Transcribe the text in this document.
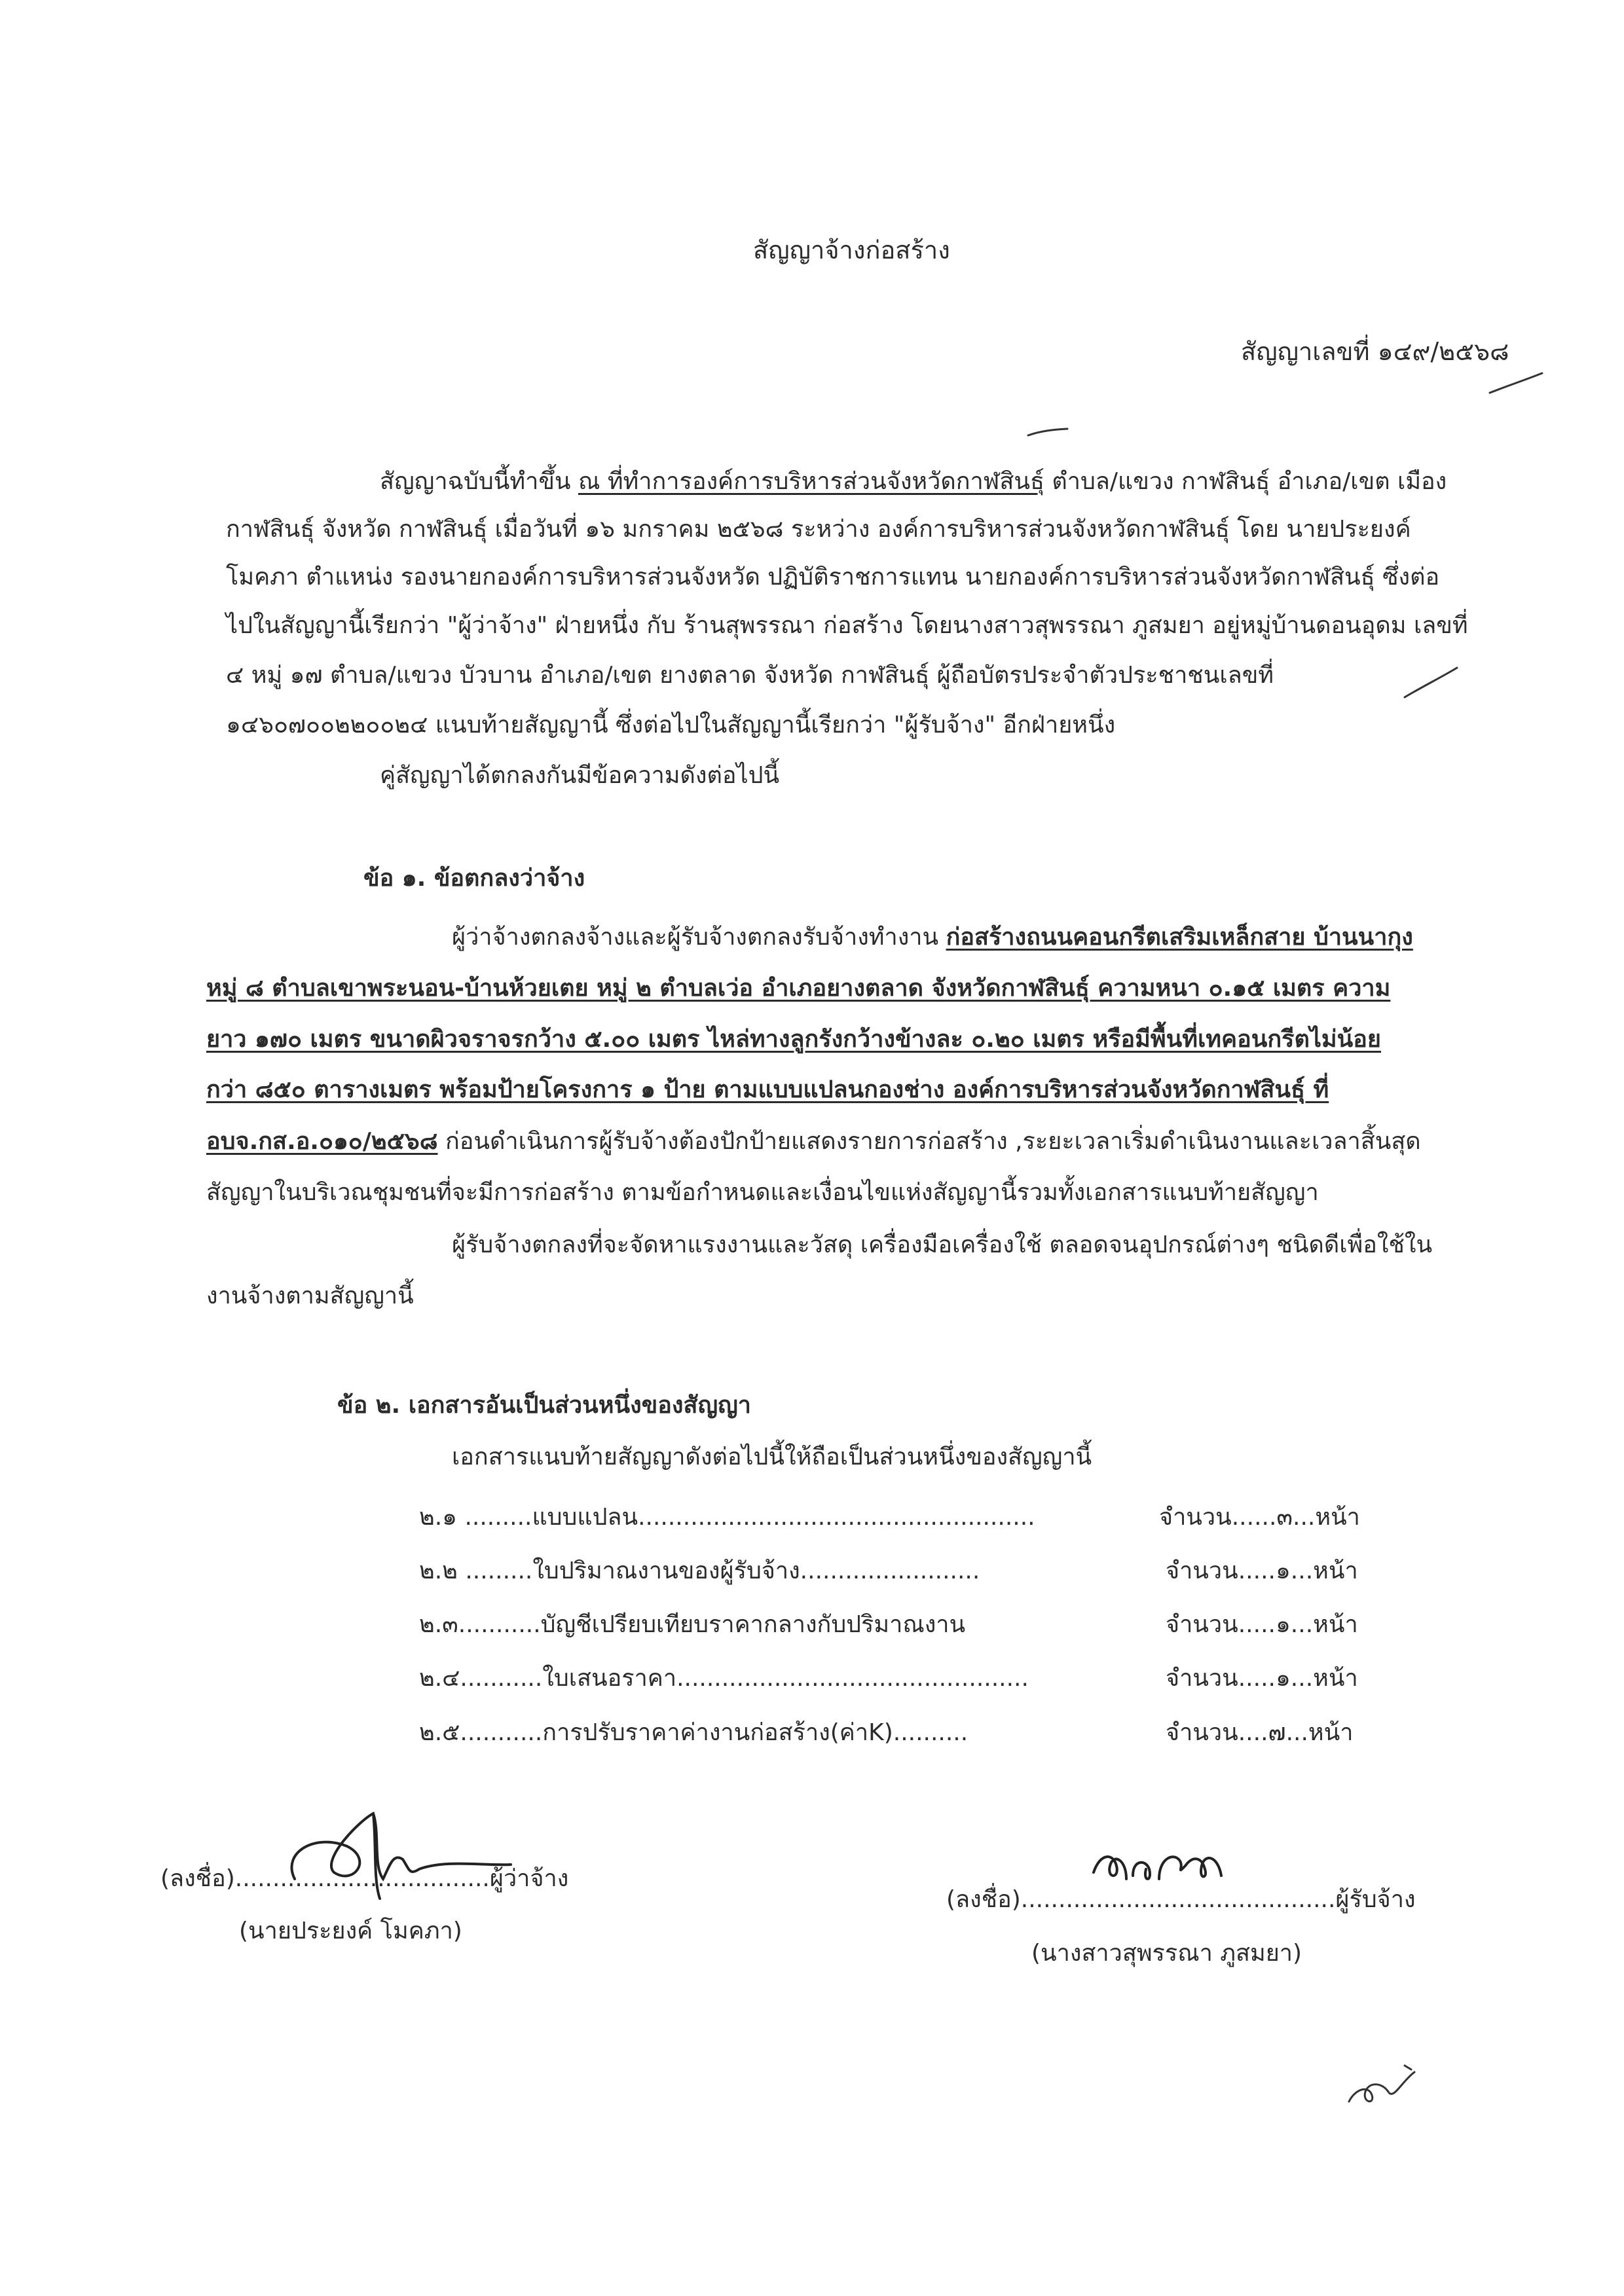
สัญญาจ้างก่อสร้าง
สัญญาเลขที่ ๑๔๙/๒๕๖๘
สัญญาฉบับนี้ทำขึ้น ณ ที่ทำการองค์การบริหารส่วนจังหวัดกาฬสินธุ์ ตำบล/แขวง กาฬสินธุ์ อำเภอ/เขต เมือง
กาฬสินธุ์ จังหวัด กาฬสินธุ์ เมื่อวันที่ ๑๖ มกราคม ๒๕๖๘ ระหว่าง องค์การบริหารส่วนจังหวัดกาฬสินธุ์ โดย นายประยงค์
โมคภา ตำแหน่ง รองนายกองค์การบริหารส่วนจังหวัด ปฏิบัติราชการแทน นายกองค์การบริหารส่วนจังหวัดกาฬสินธุ์ ซึ่งต่อ
ไปในสัญญานี้เรียกว่า "ผู้ว่าจ้าง" ฝ่ายหนึ่ง กับ ร้านสุพรรณา ก่อสร้าง โดยนางสาวสุพรรณา ภูสมยา อยู่หมู่บ้านดอนอุดม เลขที่
๔ หมู่ ๑๗ ตำบล/แขวง บัวบาน อำเภอ/เขต ยางตลาด จังหวัด กาฬสินธุ์ ผู้ถือบัตรประจำตัวประชาชนเลขที่
๑๔๖๐๗๐๐๒๒๐๐๒๔ แนบท้ายสัญญานี้ ซึ่งต่อไปในสัญญานี้เรียกว่า "ผู้รับจ้าง" อีกฝ่ายหนึ่ง
คู่สัญญาได้ตกลงกันมีข้อความดังต่อไปนี้
ข้อ ๑. ข้อตกลงว่าจ้าง
ผู้ว่าจ้างตกลงจ้างและผู้รับจ้างตกลงรับจ้างทำงาน ก่อสร้างถนนคอนกรีตเสริมเหล็กสาย บ้านนากุง
หมู่ ๘ ตำบลเขาพระนอน-บ้านห้วยเตย หมู่ ๒ ตำบลเว่อ อำเภอยางตลาด จังหวัดกาฬสินธุ์ ความหนา ๐.๑๕ เมตร ความ
ยาว ๑๗๐ เมตร ขนาดผิวจราจรกว้าง ๕.๐๐ เมตร ไหล่ทางลูกรังกว้างข้างละ ๐.๒๐ เมตร หรือมีพื้นที่เทคอนกรีตไม่น้อย
กว่า ๘๕๐ ตารางเมตร พร้อมป้ายโครงการ ๑ ป้าย ตามแบบแปลนกองช่าง องค์การบริหารส่วนจังหวัดกาฬสินธุ์ ที่
อบจ.กส.อ.๐๑๐/๒๕๖๘ ก่อนดำเนินการผู้รับจ้างต้องปักป้ายแสดงรายการก่อสร้าง ,ระยะเวลาเริ่มดำเนินงานและเวลาสิ้นสุด
สัญญาในบริเวณชุมชนที่จะมีการก่อสร้าง ตามข้อกำหนดและเงื่อนไขแห่งสัญญานี้รวมทั้งเอกสารแนบท้ายสัญญา
ผู้รับจ้างตกลงที่จะจัดหาแรงงานและวัสดุ เครื่องมือเครื่องใช้ ตลอดจนอุปกรณ์ต่างๆ ชนิดดีเพื่อใช้ใน
งานจ้างตามสัญญานี้
ข้อ ๒. เอกสารอันเป็นส่วนหนึ่งของสัญญา
เอกสารแนบท้ายสัญญาดังต่อไปนี้ให้ถือเป็นส่วนหนึ่งของสัญญานี้
๒.๑ .........แบบแปลน.....................................................	จำนวน......๓...หน้า
๒.๒ .........ใบปริมาณงานของผู้รับจ้าง........................	จำนวน.....๑...หน้า
๒.๓...........บัญชีเปรียบเทียบราคากลางกับปริมาณงาน	จำนวน.....๑...หน้า
๒.๔...........ใบเสนอราคา...............................................	จำนวน.....๑...หน้า
๒.๕...........การปรับราคาค่างานก่อสร้าง(ค่าK)..........	จำนวน....๗...หน้า
(ลงชื่อ)..................................ผู้ว่าจ้าง
(นายประยงค์ โมคภา)
(ลงชื่อ)..........................................ผู้รับจ้าง
(นางสาวสุพรรณา ภูสมยา)
